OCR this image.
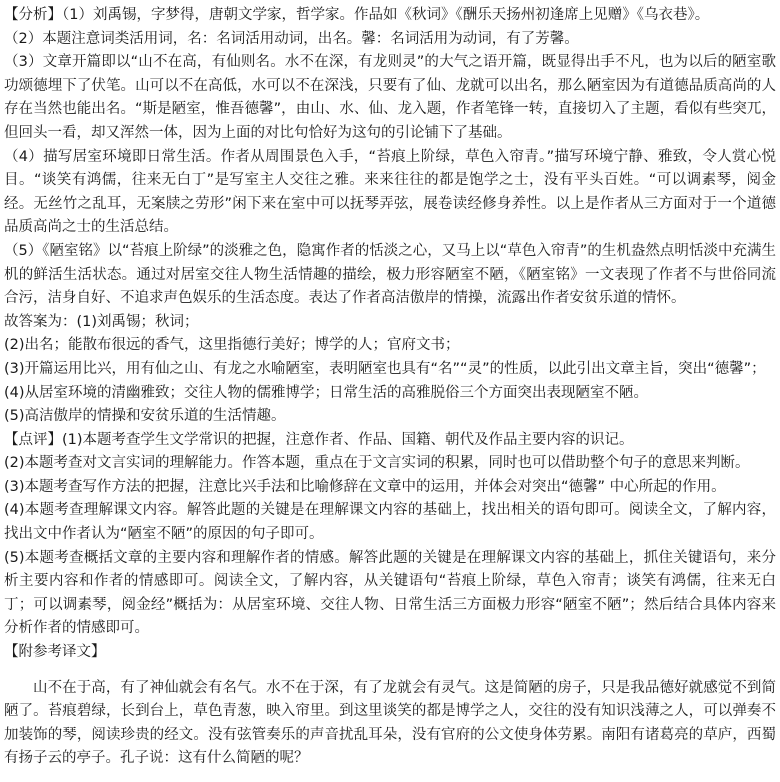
【分析】（1）刘禹锡，字梦得，唐朝文学家，哲学家。作品如《秋词》《酬乐天扬州初逢席上见赠》《乌衣巷》。

（2）本题注意词类活用词，名：名词活用动词，出名。馨：名词活用为动词，有了芳馨。

（3）文章开篇即以“山不在高，有仙则名。水不在深，有龙则灵”的大气之语开篇，既显得出手不凡，也为以后的陋室歌功颂德埋下了伏笔。山可以不在高低，水可以不在深浅，只要有了仙、龙就可以出名，那么陋室因为有道德品质高尚的人存在当然也能出名。“斯是陋室，惟吾德馨”，由山、水、仙、龙入题，作者笔锋一转，直接切入了主题，看似有些突兀，但回头一看，却又浑然一体，因为上面的对比句恰好为这句的引论铺下了基础。

（4）描写居室环境即日常生活。作者从周围景色入手，“苔痕上阶绿，草色入帘青。”描写环境宁静、雅致，令人赏心悦目。“谈笑有鸿儒，往来无白丁”是写室主人交往之雅。来来往往的都是饱学之士，没有平头百姓。“可以调素琴，阅金经。无丝竹之乱耳，无案牍之劳形”闲下来在室中可以抚琴弄弦，展卷读经修身养性。以上是作者从三方面对于一个道德品质高尚之士的生活总结。

（5）《陋室铭》以“苔痕上阶绿”的淡雅之色，隐寓作者的恬淡之心，又马上以“草色入帘青”的生机盎然点明恬淡中充满生机的鲜活生活状态。通过对居室交往人物生活情趣的描绘，极力形容陋室不陋，《陋室铭》一文表现了作者不与世俗同流合污，洁身自好、不追求声色娱乐的生活态度。表达了作者高洁傲岸的情操，流露出作者安贫乐道的情怀。

故答案为：(1)刘禹锡；秋词；

(2)出名；能散布很远的香气，这里指德行美好；博学的人；官府文书；

(3)开篇运用比兴，用有仙之山、有龙之水喻陋室，表明陋室也具有“名”“灵”的性质，以此引出文章主旨，突出“德馨”；

(4)从居室环境的清幽雅致；交往人物的儒雅博学；日常生活的高雅脱俗三个方面突出表现陋室不陋。

(5)高洁傲岸的情操和安贫乐道的生活情趣。

【点评】(1)本题考查学生文学常识的把握，注意作者、作品、国籍、朝代及作品主要内容的识记。

(2)本题考查对文言实词的理解能力。作答本题，重点在于文言实词的积累，同时也可以借助整个句子的意思来判断。

(3)本题考查写作方法的把握，注意比兴手法和比喻修辞在文章中的运用，并体会对突出“德馨” 中心所起的作用。

(4)本题考查理解课文内容。解答此题的关键是在理解课文内容的基础上，找出相关的语句即可。阅读全文，了解内容，找出文中作者认为“陋室不陋”的原因的句子即可。

(5)本题考查概括文章的主要内容和理解作者的情感。解答此题的关键是在理解课文内容的基础上，抓住关键语句，来分析主要内容和作者的情感即可。阅读全文，了解内容，从关键语句“苔痕上阶绿，草色入帘青；谈笑有鸿儒，往来无白丁；可以调素琴，阅金经”概括为：从居室环境、交往人物、日常生活三方面极力形容“陋室不陋”；然后结合具体内容来分析作者的情感即可。

【附参考译文】

山不在于高，有了神仙就会有名气。水不在于深，有了龙就会有灵气。这是简陋的房子，只是我品德好就感觉不到简陋了。苔痕碧绿，长到台上，草色青葱，映入帘里。到这里谈笑的都是博学之人，交往的没有知识浅薄之人，可以弹奏不加装饰的琴，阅读珍贵的经文。没有弦管奏乐的声音扰乱耳朵，没有官府的公文使身体劳累。南阳有诸葛亮的草庐，西蜀有扬子云的亭子。孔子说：这有什么简陋的呢？
